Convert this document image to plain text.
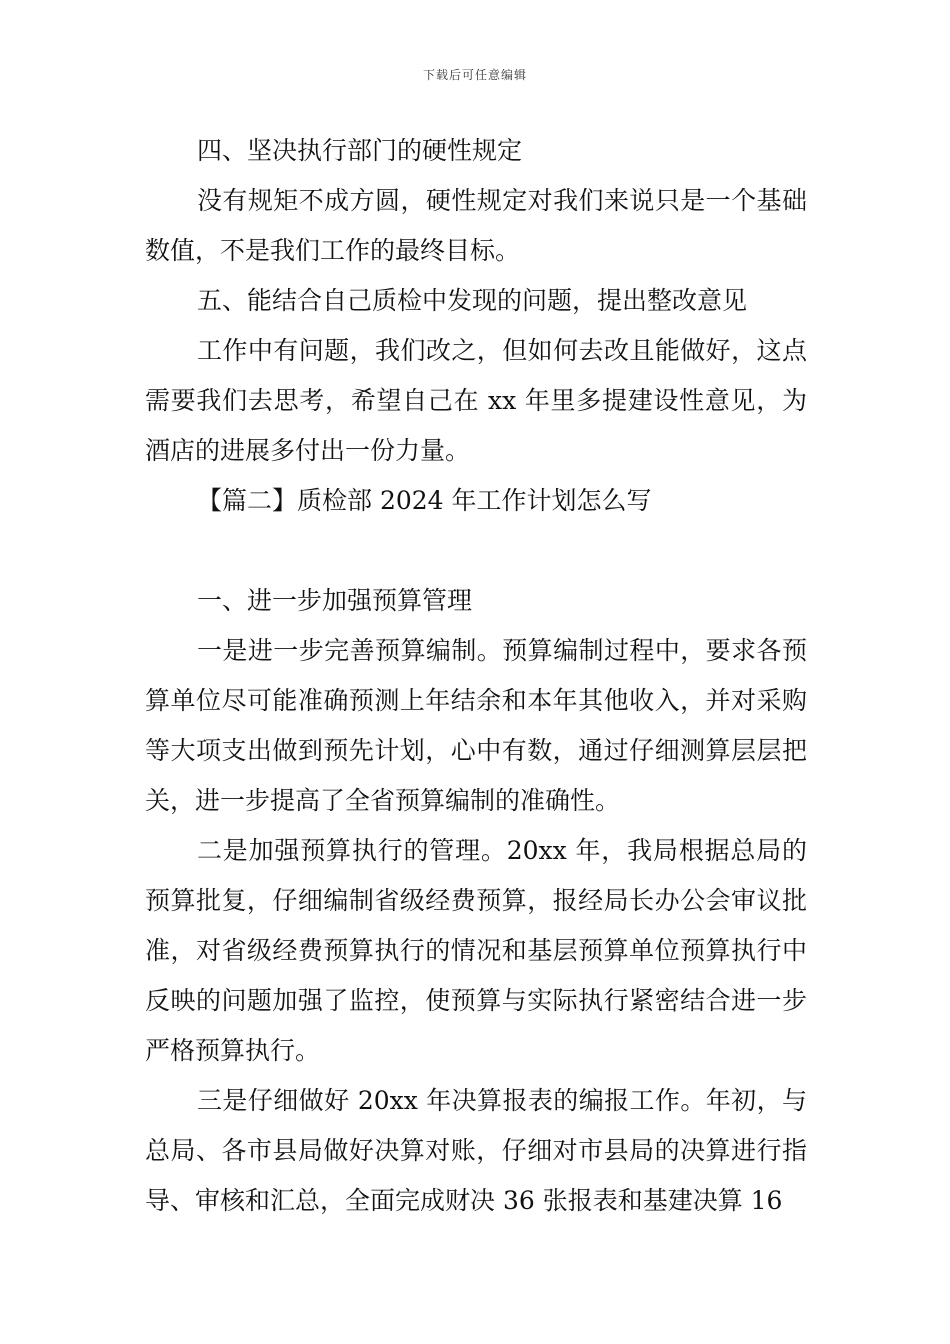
下载后可任意编辑

四、坚决执行部门的硬性规定

没有规矩不成方圆，硬性规定对我们来说只是一个基础数值，不是我们工作的最终目标。

五、能结合自己质检中发现的问题，提出整改意见

工作中有问题，我们改之，但如何去改且能做好，这点需要我们去思考，希望自己在 xx 年里多提建设性意见，为酒店的进展多付出一份力量。

【篇二】质检部 2024 年工作计划怎么写

一、进一步加强预算管理

一是进一步完善预算编制。预算编制过程中，要求各预算单位尽可能准确预测上年结余和本年其他收入，并对采购等大项支出做到预先计划，心中有数，通过仔细测算层层把关，进一步提高了全省预算编制的准确性。

二是加强预算执行的管理。20xx 年，我局根据总局的预算批复，仔细编制省级经费预算，报经局长办公会审议批准，对省级经费预算执行的情况和基层预算单位预算执行中反映的问题加强了监控，使预算与实际执行紧密结合进一步严格预算执行。

三是仔细做好 20xx 年决算报表的编报工作。年初，与总局、各市县局做好决算对账，仔细对市县局的决算进行指导、审核和汇总，全面完成财决 36 张报表和基建决算 16
